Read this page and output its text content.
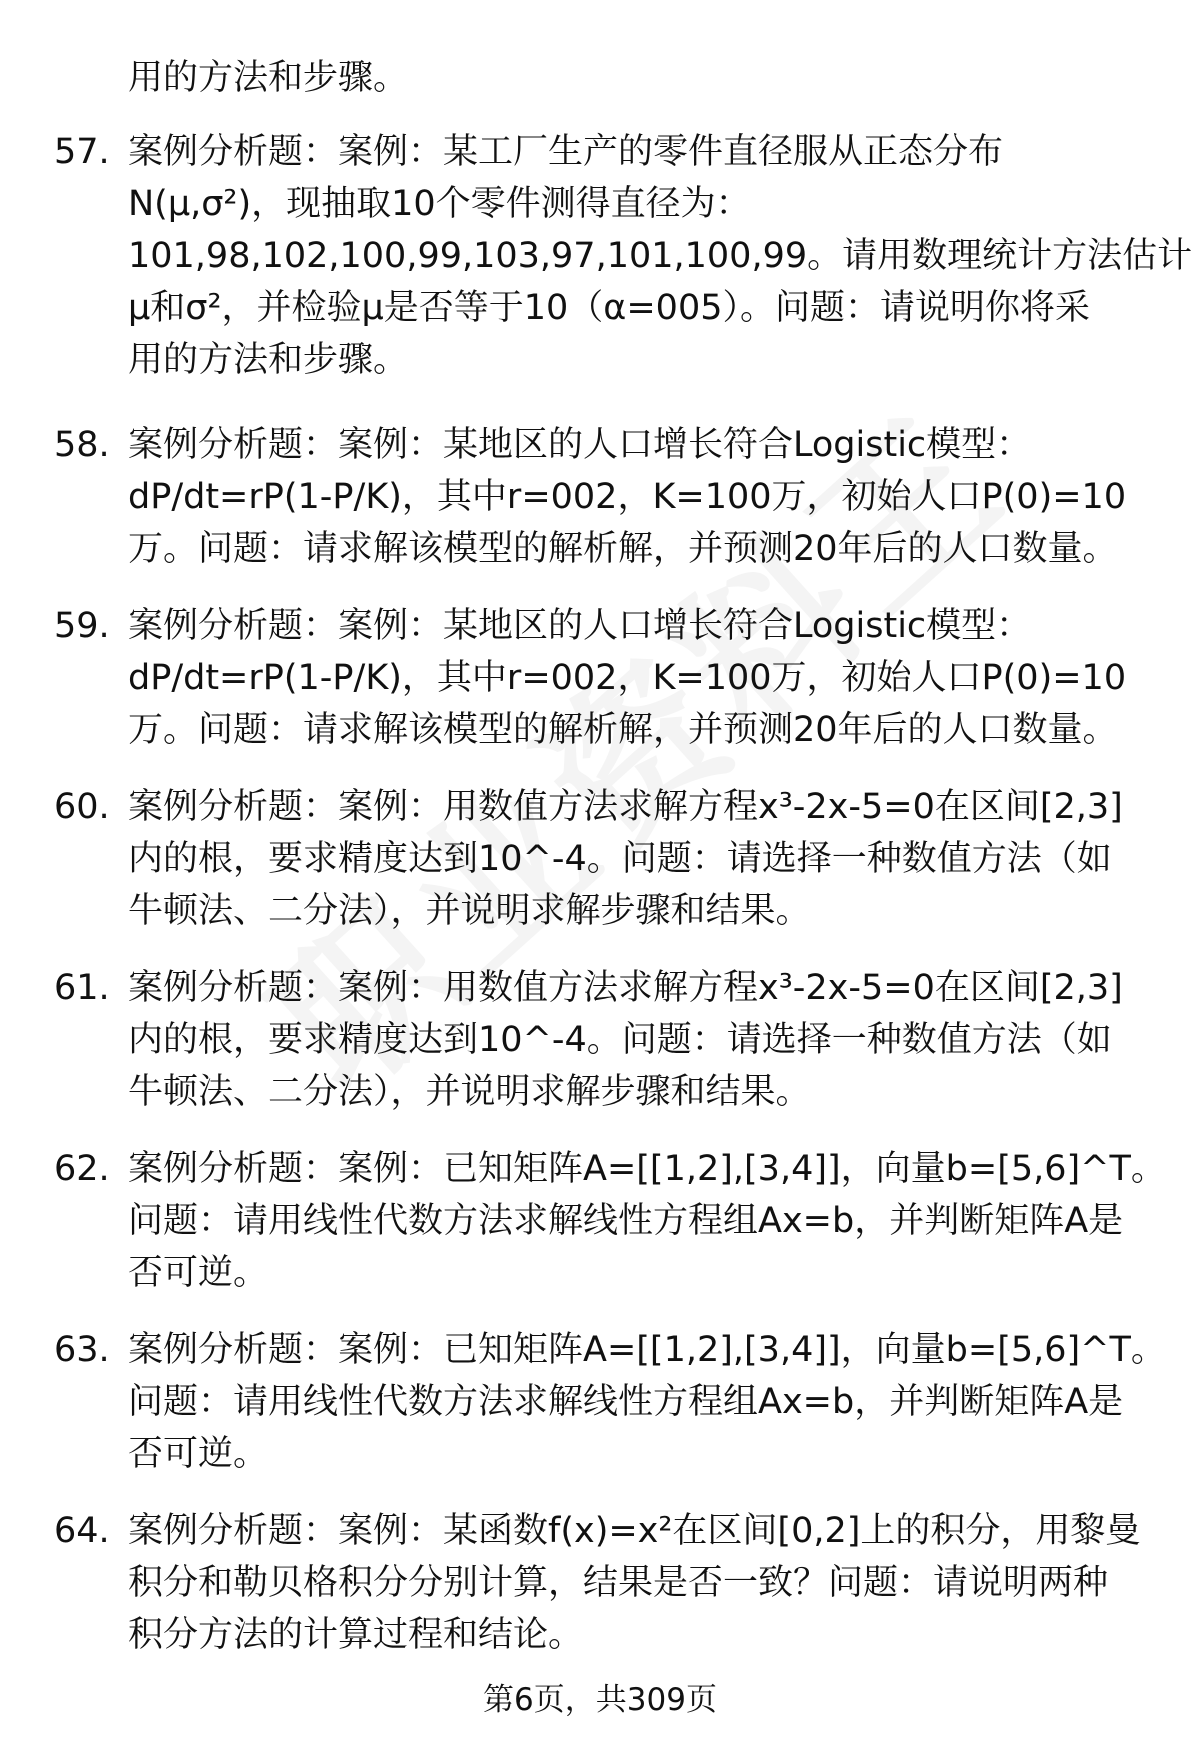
用的方法和步骤。
57. 案例分析题：案例：某工厂生产的零件直径服从正态分布
N(μ,σ²)，现抽取10个零件测得直径为：
101,98,102,100,99,103,97,101,100,99。请用数理统计方法估计
μ和σ²，并检验μ是否等于10（α=005）。问题：请说明你将采
用的方法和步骤。
58. 案例分析题：案例：某地区的人口增长符合Logistic模型：
dP/dt=rP(1-P/K)，其中r=002，K=100万，初始人口P(0)=10
万。问题：请求解该模型的解析解，并预测20年后的人口数量。
59. 案例分析题：案例：某地区的人口增长符合Logistic模型：
dP/dt=rP(1-P/K)，其中r=002，K=100万，初始人口P(0)=10
万。问题：请求解该模型的解析解，并预测20年后的人口数量。
60. 案例分析题：案例：用数值方法求解方程x³-2x-5=0在区间[2,3]
内的根，要求精度达到10^-4。问题：请选择一种数值方法（如
牛顿法、二分法），并说明求解步骤和结果。
61. 案例分析题：案例：用数值方法求解方程x³-2x-5=0在区间[2,3]
内的根，要求精度达到10^-4。问题：请选择一种数值方法（如
牛顿法、二分法），并说明求解步骤和结果。
62. 案例分析题：案例：已知矩阵A=[[1,2],[3,4]]，向量b=[5,6]^T。
问题：请用线性代数方法求解线性方程组Ax=b，并判断矩阵A是
否可逆。
63. 案例分析题：案例：已知矩阵A=[[1,2],[3,4]]，向量b=[5,6]^T。
问题：请用线性代数方法求解线性方程组Ax=b，并判断矩阵A是
否可逆。
64. 案例分析题：案例：某函数f(x)=x²在区间[0,2]上的积分，用黎曼
积分和勒贝格积分分别计算，结果是否一致？问题：请说明两种
积分方法的计算过程和结论。
第6页，共309页
